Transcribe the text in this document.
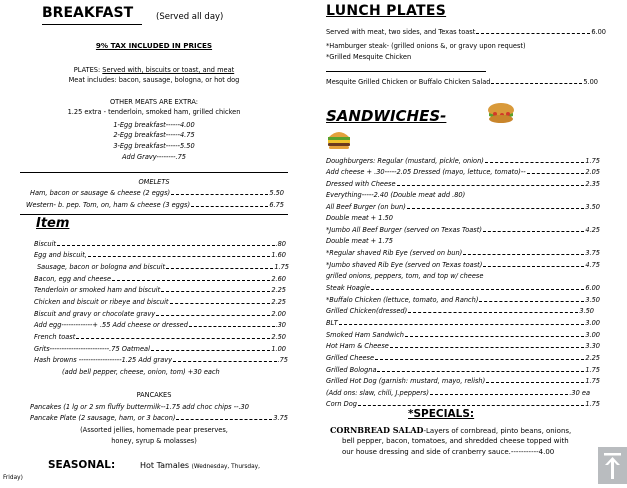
BREAKFAST	(Served all day)
9% TAX INCLUDED IN PRICES
PLATES: Served with, biscuits or toast, and meat
Meat includes: bacon, sausage, bologna, or hot dog
OTHER MEATS ARE EXTRA:
1.25 extra - tenderloin, smoked ham, grilled chicken
1-Egg breakfast------4.00
2-Egg breakfast------4.75
3-Egg breakfast------5.50
Add Gravy--------.75
OMELETS
Ham, bacon or sausage & cheese (2 eggs)	5.50
Western- b. pep. Tom, on, ham & cheese (3 eggs)	6.75
Item
Biscuit	.80
Egg and biscuit,	1.60
Sausage, bacon or bologna and biscuit	1.75
Bacon, egg and cheese	2.60
Tenderloin or smoked ham and biscuit	2.25
Chicken and biscuit or ribeye and biscuit	2.25
Biscuit and gravy or chocolate gravy	2.00
Add egg-------------+ .55 Add cheese or dressed	.30
French toast	2.50
Grits-------------------------.75 Oatmeal	1.00
Hash browns ------------------1.25 Add gravy	.75
(add bell pepper, cheese, onion, tom) +30 each
PANCAKES
Pancakes (1 lg or 2 sm fluffy buttermilk--1.75 add choc chips --.30
Pancake Plate (2 sausage, ham, or 3 bacon)	3.75
(Assorted jellies, homemade pear preserves,
honey, syrup & molasses)
SEASONAL:	Hot Tamales (Wednesday, Thursday,
Friday)
LUNCH PLATES
Served with meat, two sides, and Texas toast	6.00
*Hamburger steak- (grilled onions &, or gravy upon request)
*Grilled Mesquite Chicken
Mesquite Grilled Chicken or Buffalo Chicken Salad	5.00
SANDWICHES-
Doughburgers: Regular (mustard, pickle, onion)	1.75
Add cheese + .30-----2.05 Dressed (mayo, lettuce, tomato)--	2.05
Dressed with Cheese	2.35
Everything-----2.40 (Double meat add .80)
All Beef Burger (on bun)	3.50
Double meat + 1.50
*Jumbo All Beef Burger (served on Texas Toast)	4.25
Double meat + 1.75
*Regular shaved Rib Eye (served on bun)	3.75
*Jumbo shaved Rib Eye (served on Texas toast)	4.75
grilled onions, peppers, tom, and top w/ cheese
Steak Hoagie	6.00
*Buffalo Chicken (lettuce, tomato, and Ranch)	3.50
Grilled Chicken(dressed)	3.50
BLT	3.00
Smoked Ham Sandwich	3.00
Hot Ham & Cheese	3.30
Grilled Cheese	2.25
Grilled Bologna	1.75
Grilled Hot Dog (garnish: mustard, mayo, relish)	1.75
(Add ons: slaw, chili, J.peppers)	.30 ea
Corn Dog	1.75
*SPECIALS:
CORNBREAD SALAD-Layers of cornbread, pinto beans, onions,
bell pepper, bacon, tomatoes, and shredded cheese topped with
our house dressing and side of cranberry sauce.-----------4.00
